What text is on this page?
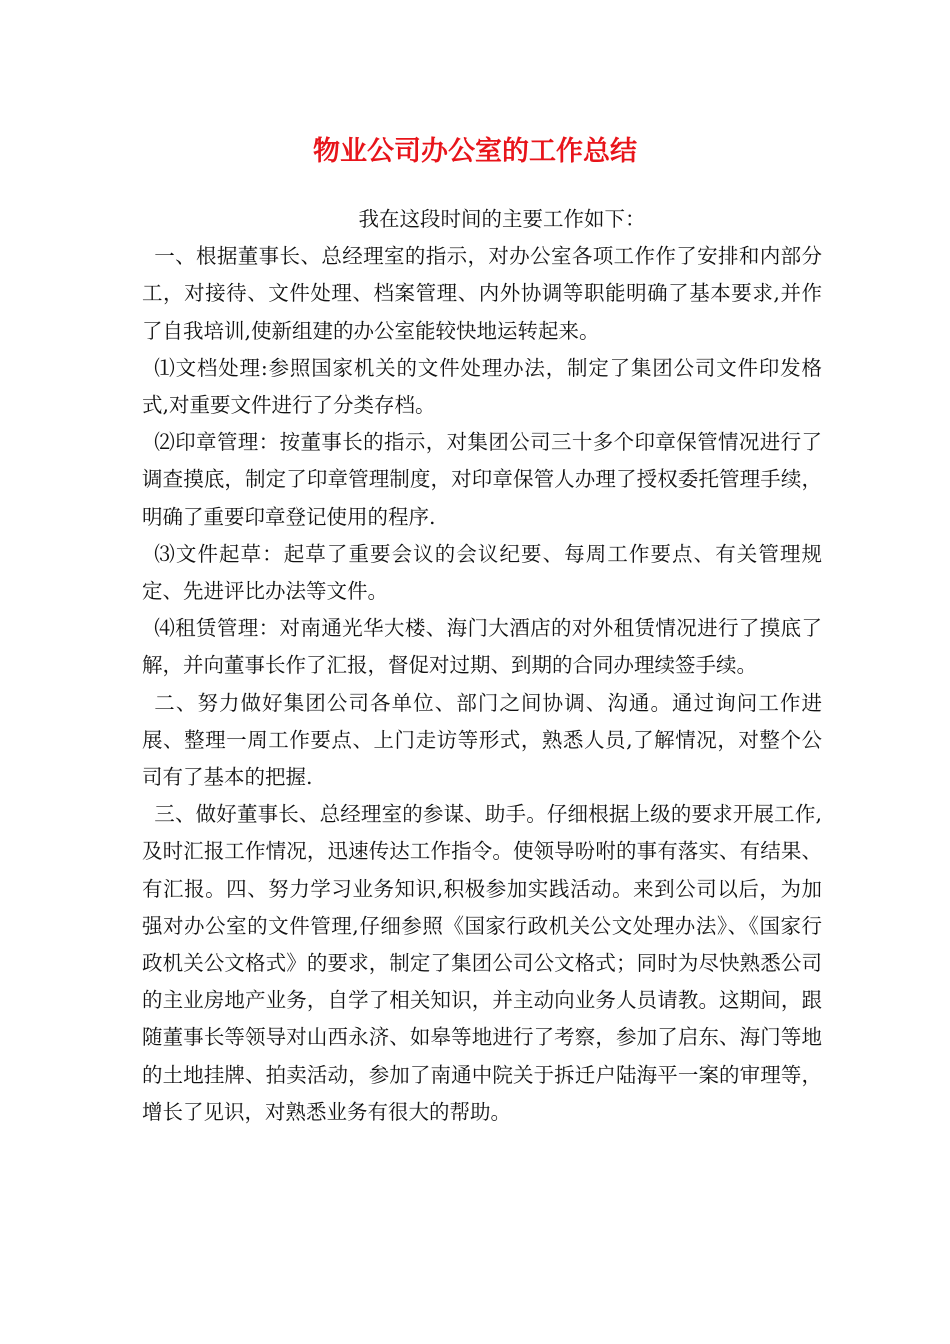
物业公司办公室的工作总结

我在这段时间的主要工作如下：

一、根据董事长、总经理室的指示，对办公室各项工作作了安排和内部分工，对接待、文件处理、档案管理、内外协调等职能明确了基本要求,并作了自我培训,使新组建的办公室能较快地运转起来。

⑴文档处理:参照国家机关的文件处理办法，制定了集团公司文件印发格式,对重要文件进行了分类存档。

⑵印章管理：按董事长的指示，对集团公司三十多个印章保管情况进行了调查摸底，制定了印章管理制度，对印章保管人办理了授权委托管理手续，明确了重要印章登记使用的程序.

⑶文件起草：起草了重要会议的会议纪要、每周工作要点、有关管理规定、先进评比办法等文件。

⑷租赁管理：对南通光华大楼、海门大酒店的对外租赁情况进行了摸底了解，并向董事长作了汇报，督促对过期、到期的合同办理续签手续。

二、努力做好集团公司各单位、部门之间协调、沟通。通过询问工作进展、整理一周工作要点、上门走访等形式，熟悉人员,了解情况，对整个公司有了基本的把握.

三、做好董事长、总经理室的参谋、助手。仔细根据上级的要求开展工作,及时汇报工作情况，迅速传达工作指令。使领导吩咐的事有落实、有结果、有汇报。四、努力学习业务知识,积极参加实践活动。来到公司以后，为加强对办公室的文件管理,仔细参照《国家行政机关公文处理办法》、《国家行政机关公文格式》的要求，制定了集团公司公文格式；同时为尽快熟悉公司的主业房地产业务，自学了相关知识，并主动向业务人员请教。这期间，跟随董事长等领导对山西永济、如皋等地进行了考察，参加了启东、海门等地的土地挂牌、拍卖活动，参加了南通中院关于拆迁户陆海平一案的审理等，增长了见识，对熟悉业务有很大的帮助。
